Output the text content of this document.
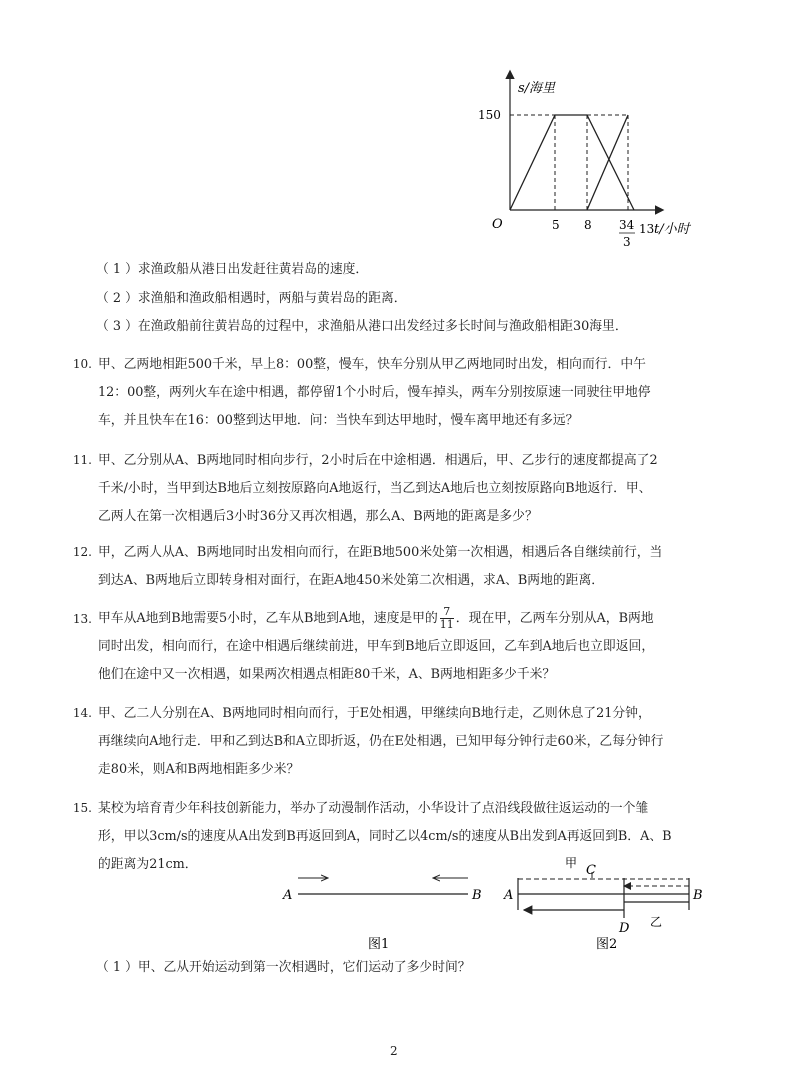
s/海里
150
O	5 8 34
3
13 t/小时
（ 1 ）求渔政船从港日出发赶往黄岩岛的速度．
（ 2 ）求渔船和渔政船相遇时，两船与黄岩岛的距离．
（ 3 ）在渔政船前往黄岩岛的过程中，求渔船从港口出发经过多长时间与渔政船相距30海里．
10. 甲、乙两地相距500千米，早上8：00整，慢车，快车分别从甲乙两地同时出发，相向而行．中午
12：00整，两列火车在途中相遇，都停留1个小时后，慢车掉头，两车分别按原速一同驶往甲地停
车，并且快车在16：00整到达甲地．问：当快车到达甲地时，慢车离甲地还有多远？
11. 甲、乙分别从A、B两地同时相向步行，2小时后在中途相遇．相遇后，甲、乙步行的速度都提高了2
千米/小时，当甲到达B地后立刻按原路向A地返行，当乙到达A地后也立刻按原路向B地返行．甲、
乙两人在第一次相遇后3小时36分又再次相遇，那么A、B两地的距离是多少？
12. 甲，乙两人从A、B两地同时出发相向而行，在距B地500米处第一次相遇，相遇后各自继续前行，当
到达A、B两地后立即转身相对面行，在距A地450米处第二次相遇，求A、B两地的距离．
13. 甲车从A地到B地需要5小时，乙车从B地到A地，速度是甲的 $\frac{7}{11}$ ．现在甲，乙两车分别从A，B两地
同时出发，相向而行，在途中相遇后继续前进，甲车到B地后立即返回，乙车到A地后也立即返回，
他们在途中又一次相遇，如果两次相遇点相距80千米，A、B两地相距多少千米？
14. 甲、乙二人分别在A、B两地同时相向而行，于E处相遇，甲继续向B地行走，乙则休息了21分钟，
再继续向A地行走．甲和乙到达B和A立即折返，仍在E处相遇，已知甲每分钟行走60米，乙每分钟行
走80米，则A和B两地相距多少米？
15. 某校为培育青少年科技创新能力，举办了动漫制作活动，小华设计了点沿线段做往返运动的一个雏
形，甲以3cm/s的速度从A出发到B再返回到A，同时乙以4cm/s的速度从B出发到A再返回到B．A、B
的距离为21cm．
A	B
图1
甲 C
A	B
D 乙
图2
（ 1 ）甲、乙从开始运动到第一次相遇时，它们运动了多少时间？
2
